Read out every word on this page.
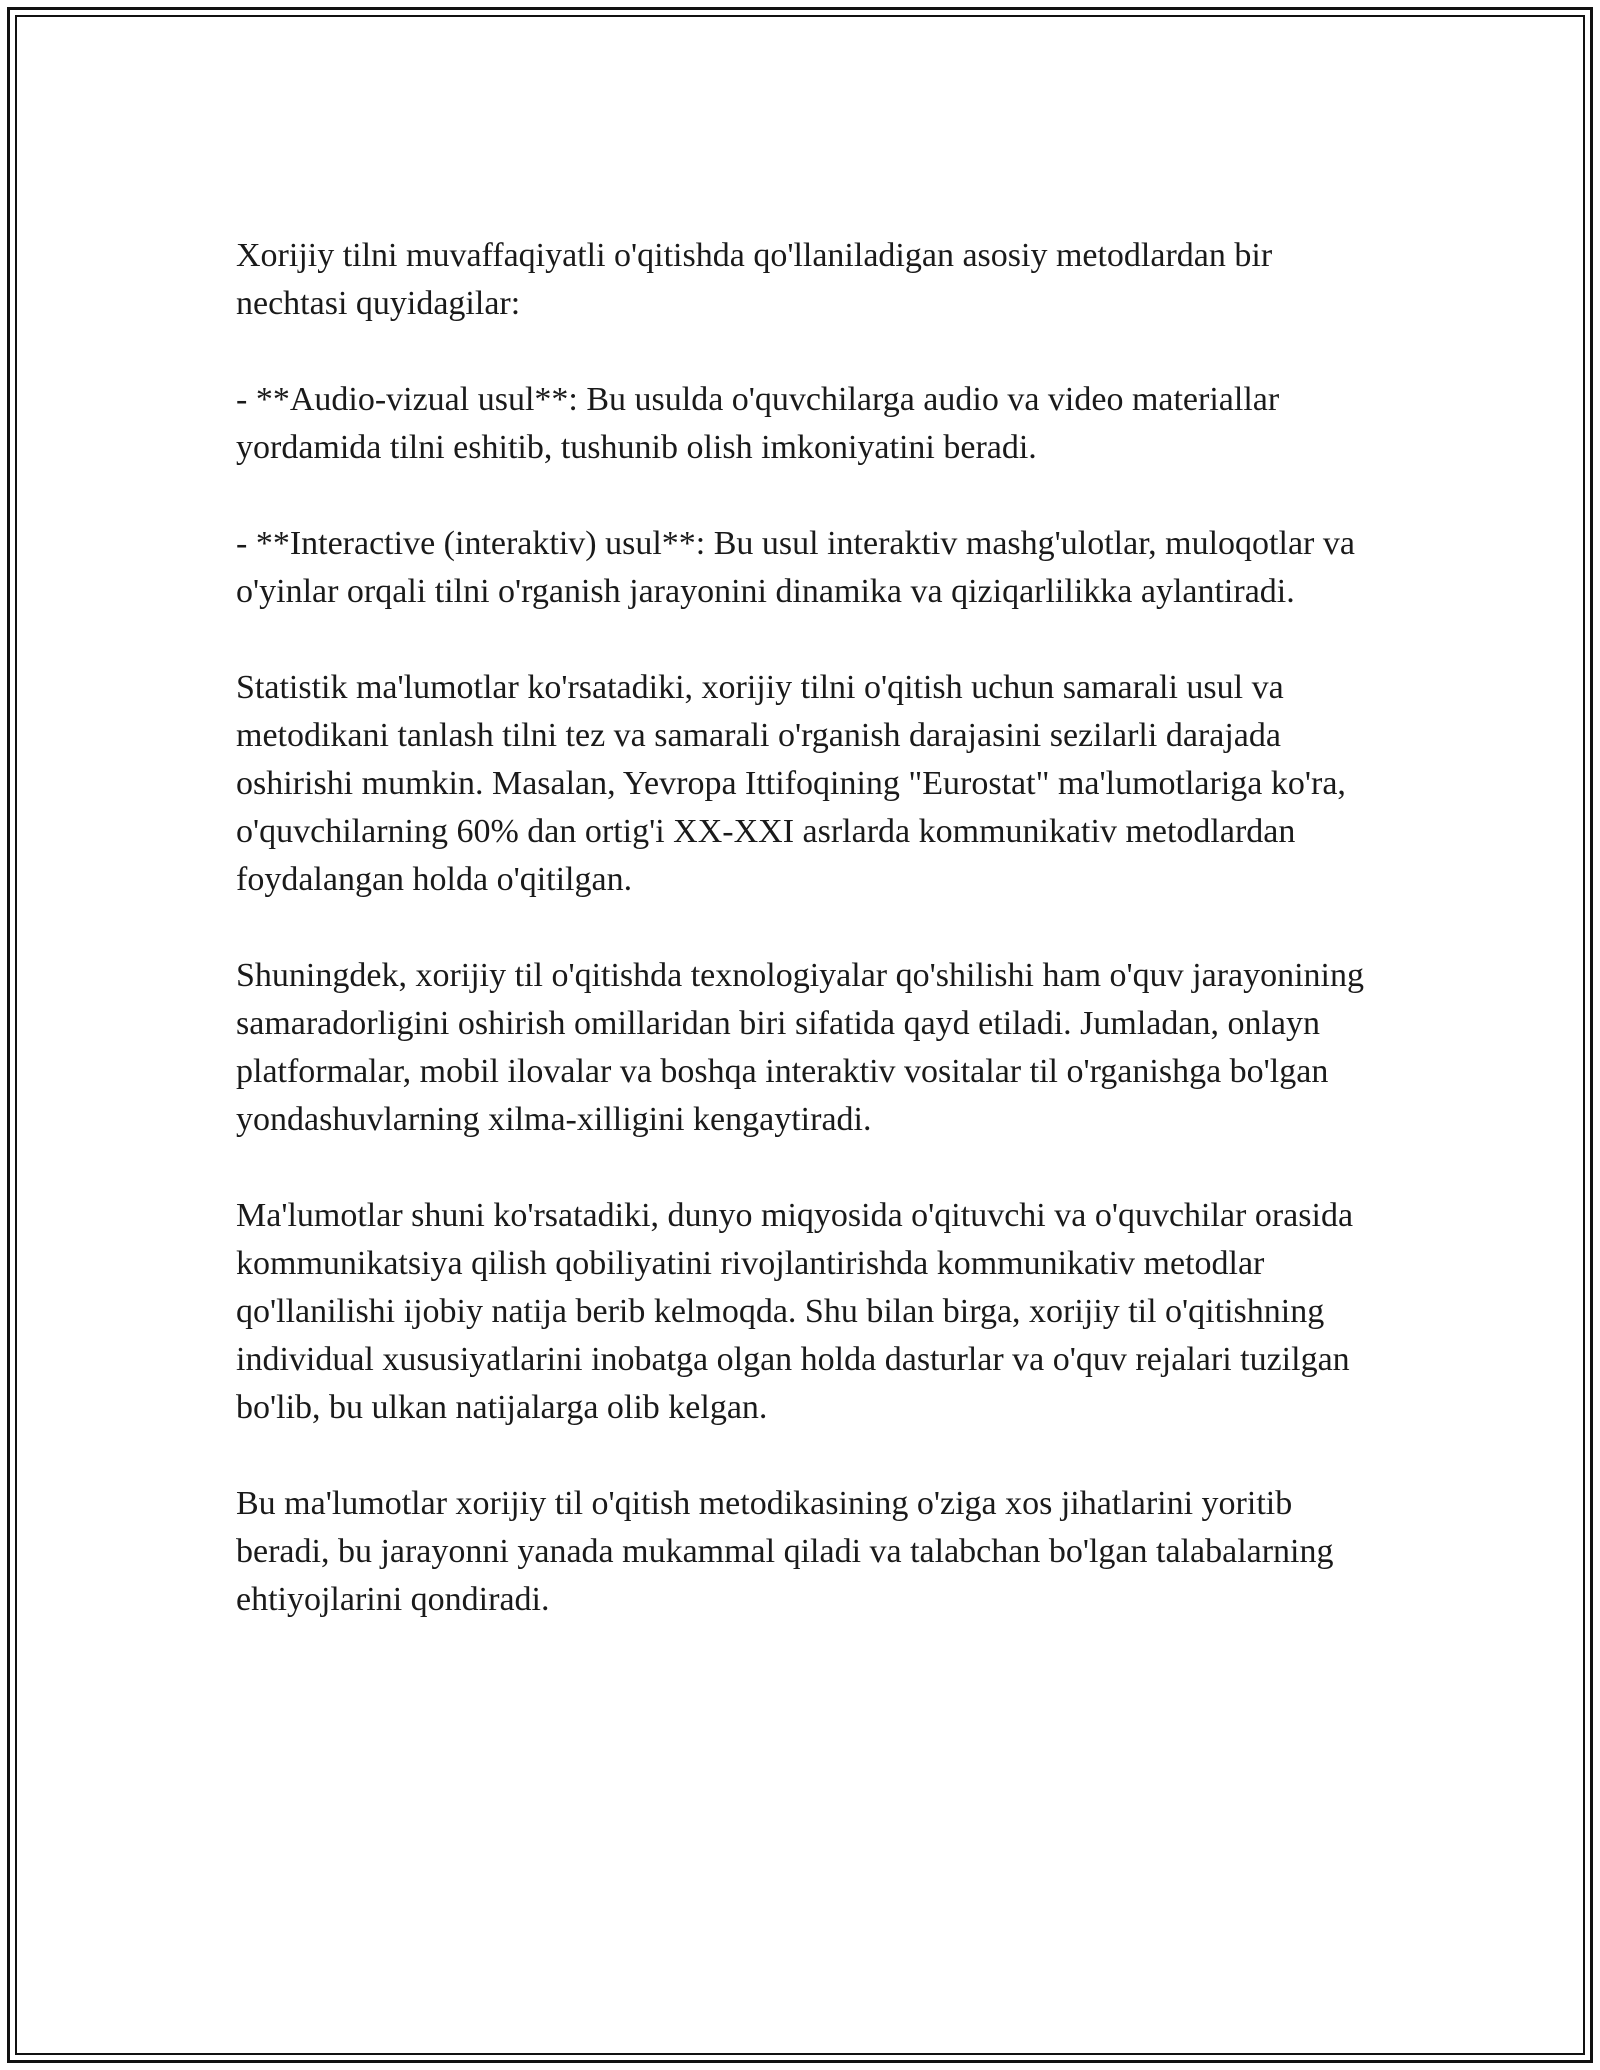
Xorijiy tilni muvaffaqiyatli o'qitishda qo'llaniladigan asosiy metodlardan bir nechtasi quyidagilar:

- **Audio-vizual usul**: Bu usulda o'quvchilarga audio va video materiallar yordamida tilni eshitib, tushunib olish imkoniyatini beradi.

- **Interactive (interaktiv) usul**: Bu usul interaktiv mashg'ulotlar, muloqotlar va o'yinlar orqali tilni o'rganish jarayonini dinamika va qiziqarlilikka aylantiradi.

Statistik ma'lumotlar ko'rsatadiki, xorijiy tilni o'qitish uchun samarali usul va metodikani tanlash tilni tez va samarali o'rganish darajasini sezilarli darajada oshirishi mumkin. Masalan, Yevropa Ittifoqining "Eurostat" ma'lumotlariga ko'ra, o'quvchilarning 60% dan ortig'i XX-XXI asrlarda kommunikativ metodlardan foydalangan holda o'qitilgan.

Shuningdek, xorijiy til o'qitishda texnologiyalar qo'shilishi ham o'quv jarayonining samaradorligini oshirish omillaridan biri sifatida qayd etiladi. Jumladan, onlayn platformalar, mobil ilovalar va boshqa interaktiv vositalar til o'rganishga bo'lgan yondashuvlarning xilma-xilligini kengaytiradi.

Ma'lumotlar shuni ko'rsatadiki, dunyo miqyosida o'qituvchi va o'quvchilar orasida kommunikatsiya qilish qobiliyatini rivojlantirishda kommunikativ metodlar qo'llanilishi ijobiy natija berib kelmoqda. Shu bilan birga, xorijiy til o'qitishning individual xususiyatlarini inobatga olgan holda dasturlar va o'quv rejalari tuzilgan bo'lib, bu ulkan natijalarga olib kelgan.

Bu ma'lumotlar xorijiy til o'qitish metodikasining o'ziga xos jihatlarini yoritib beradi, bu jarayonni yanada mukammal qiladi va talabchan bo'lgan talabalarning ehtiyojlarini qondiradi.
